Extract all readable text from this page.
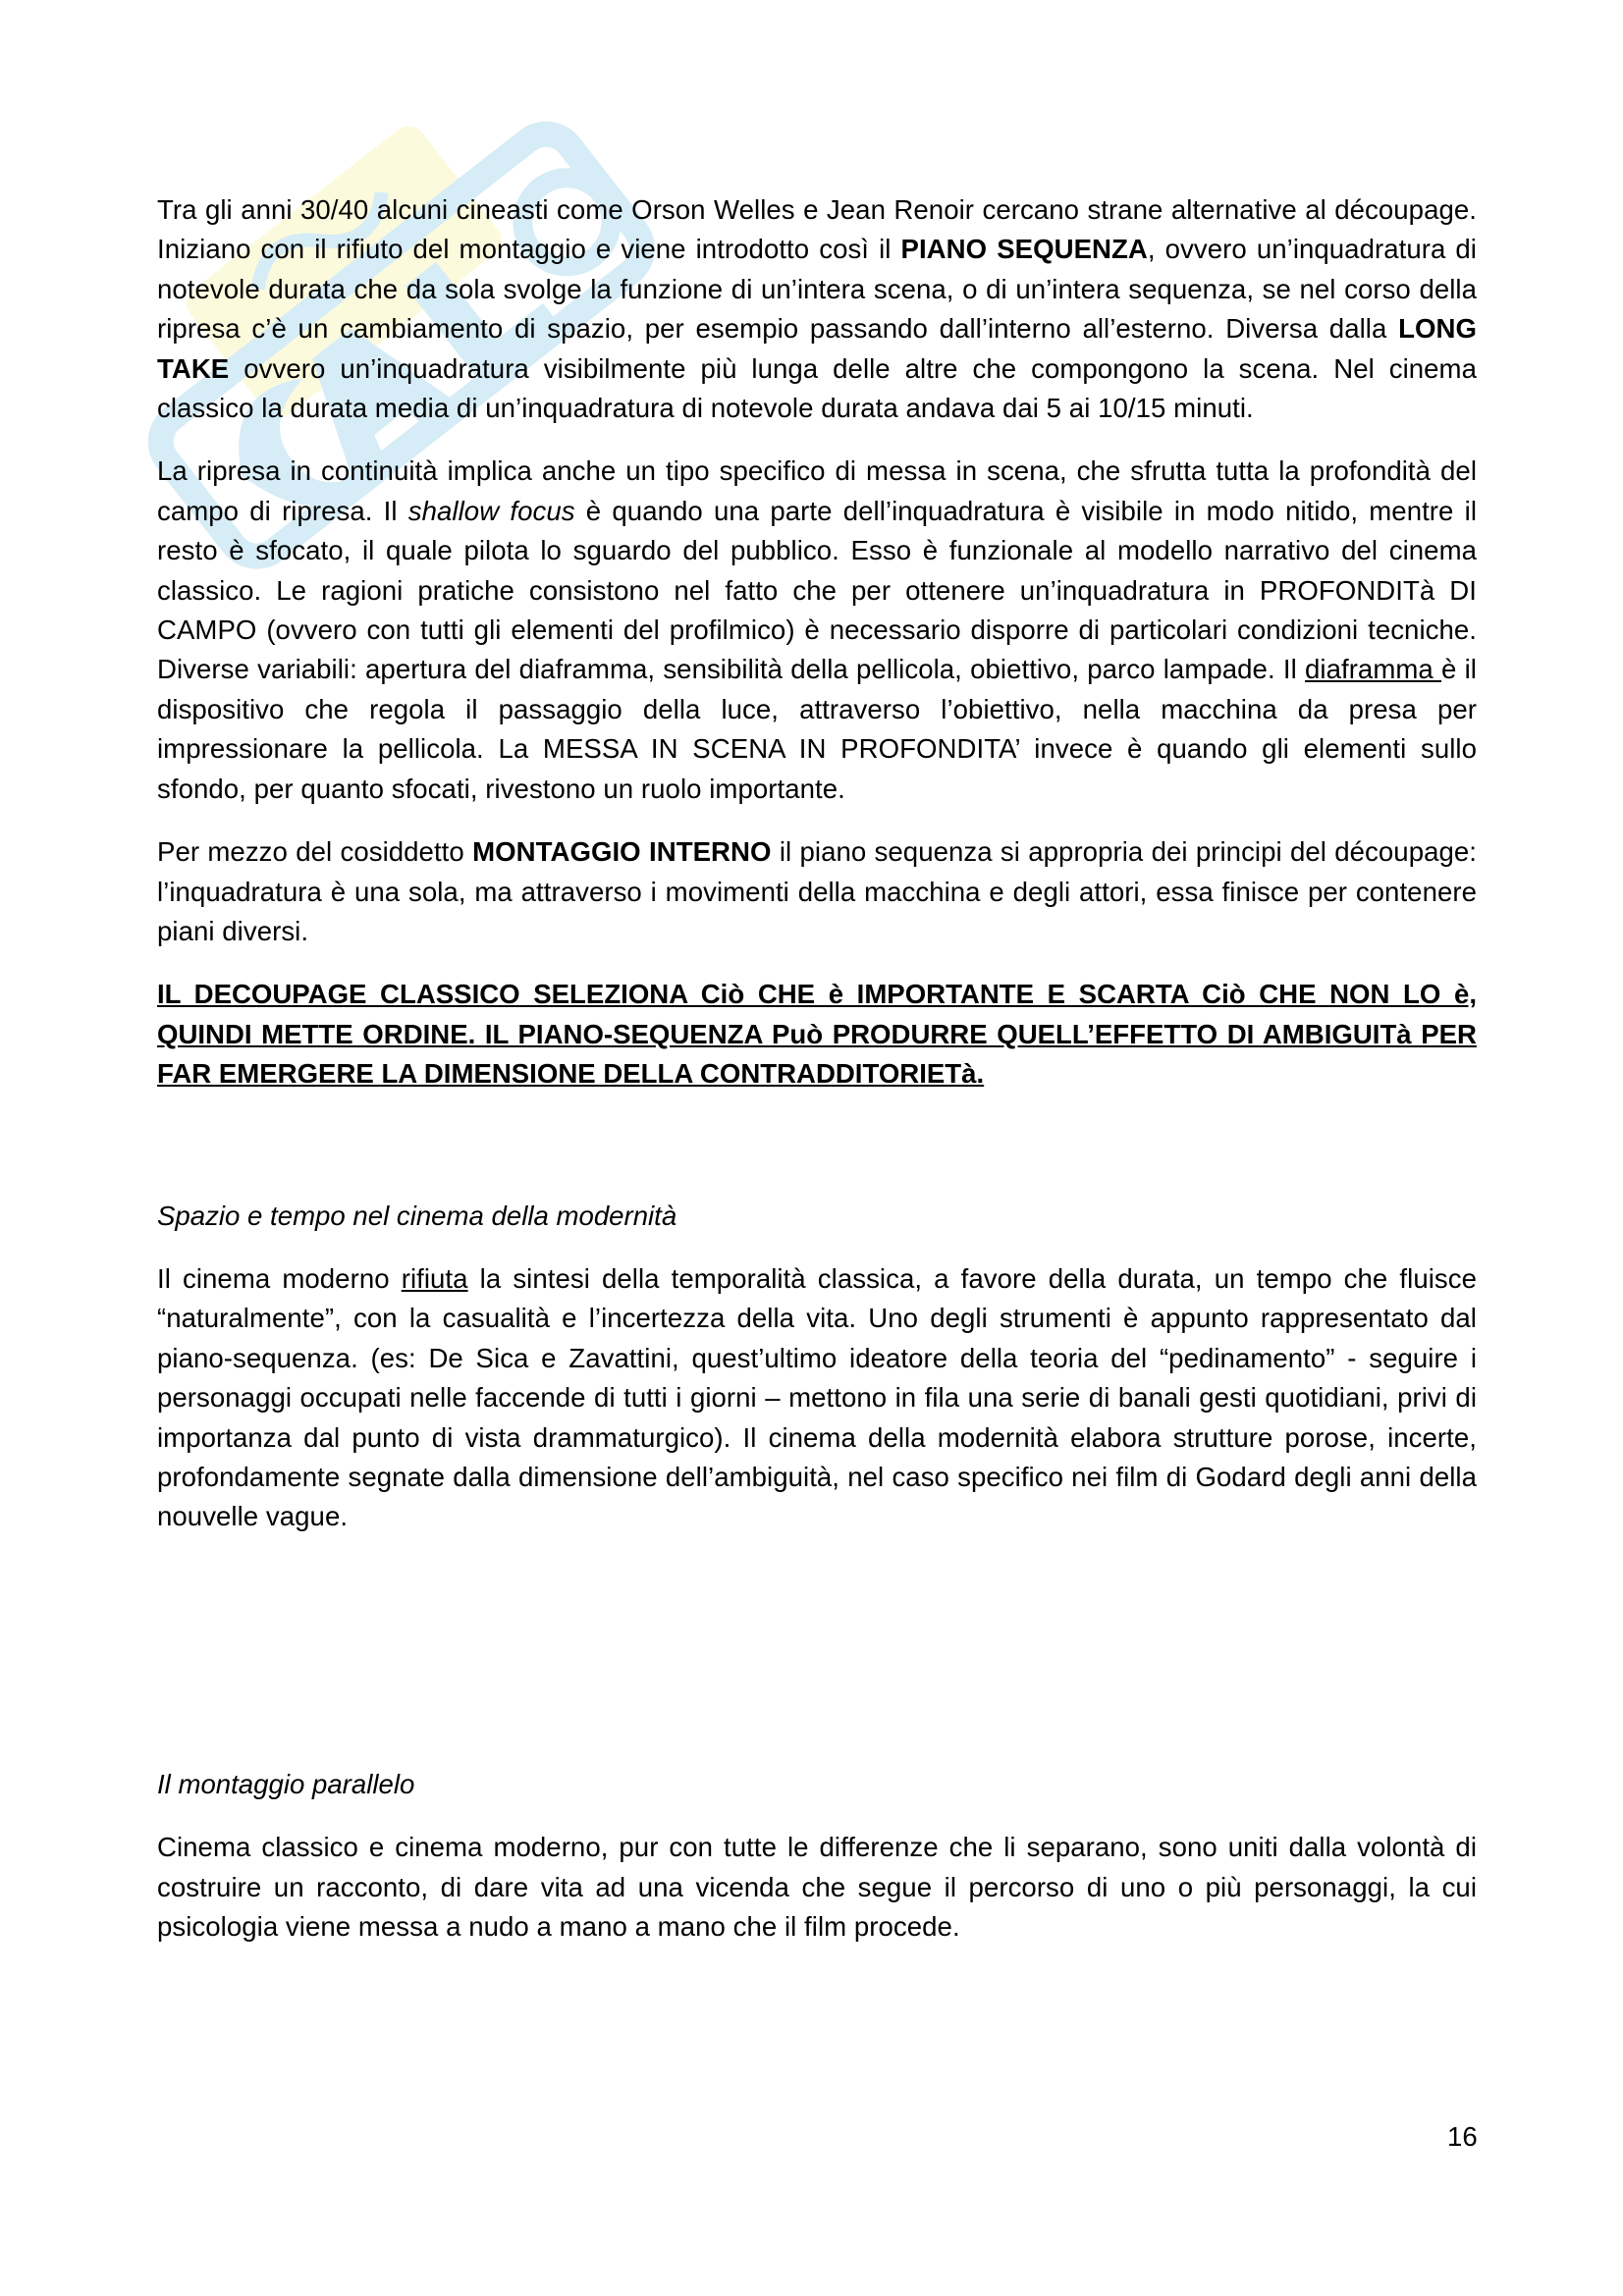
Tra gli anni 30/40 alcuni cineasti come Orson Welles e Jean Renoir cercano strane alternative al découpage. Iniziano con il rifiuto del montaggio e viene introdotto così il PIANO SEQUENZA, ovvero un’inquadratura di notevole durata che da sola svolge la funzione di un’intera scena, o di un’intera sequenza, se nel corso della ripresa c’è un cambiamento di spazio, per esempio passando dall’interno all’esterno. Diversa dalla LONG TAKE ovvero un’inquadratura visibilmente più lunga delle altre che compongono la scena. Nel cinema classico la durata media di un’inquadratura di notevole durata andava dai 5 ai 10/15 minuti.

La ripresa in continuità implica anche un tipo specifico di messa in scena, che sfrutta tutta la profondità del campo di ripresa. Il shallow focus è quando una parte dell’inquadratura è visibile in modo nitido, mentre il resto è sfocato, il quale pilota lo sguardo del pubblico. Esso è funzionale al modello narrativo del cinema classico. Le ragioni pratiche consistono nel fatto che per ottenere un’inquadratura in PROFONDITà DI CAMPO (ovvero con tutti gli elementi del profilmico) è necessario disporre di particolari condizioni tecniche. Diverse variabili: apertura del diaframma, sensibilità della pellicola, obiettivo, parco lampade. Il diaframma è il dispositivo che regola il passaggio della luce, attraverso l’obiettivo, nella macchina da presa per impressionare la pellicola. La MESSA IN SCENA IN PROFONDITA’ invece è quando gli elementi sullo sfondo, per quanto sfocati, rivestono un ruolo importante.

Per mezzo del cosiddetto MONTAGGIO INTERNO il piano sequenza si appropria dei principi del découpage: l’inquadratura è una sola, ma attraverso i movimenti della macchina e degli attori, essa finisce per contenere piani diversi.

IL DECOUPAGE CLASSICO SELEZIONA Ciò CHE è IMPORTANTE E SCARTA Ciò CHE NON LO è, QUINDI METTE ORDINE. IL PIANO-SEQUENZA Può PRODURRE QUELL’EFFETTO DI AMBIGUITà PER FAR EMERGERE LA DIMENSIONE DELLA CONTRADDITORIETà.

Spazio e tempo nel cinema della modernità

Il cinema moderno rifiuta la sintesi della temporalità classica, a favore della durata, un tempo che fluisce “naturalmente”, con la casualità e l’incertezza della vita. Uno degli strumenti è appunto rappresentato dal piano-sequenza. (es: De Sica e Zavattini, quest’ultimo ideatore della teoria del “pedinamento” - seguire i personaggi occupati nelle faccende di tutti i giorni – mettono in fila una serie di banali gesti quotidiani, privi di importanza dal punto di vista drammaturgico). Il cinema della modernità elabora strutture porose, incerte, profondamente segnate dalla dimensione dell’ambiguità, nel caso specifico nei film di Godard degli anni della nouvelle vague.

Il montaggio parallelo

Cinema classico e cinema moderno, pur con tutte le differenze che li separano, sono uniti dalla volontà di costruire un racconto, di dare vita ad una vicenda che segue il percorso di uno o più personaggi, la cui psicologia viene messa a nudo a mano a mano che il film procede.

16
